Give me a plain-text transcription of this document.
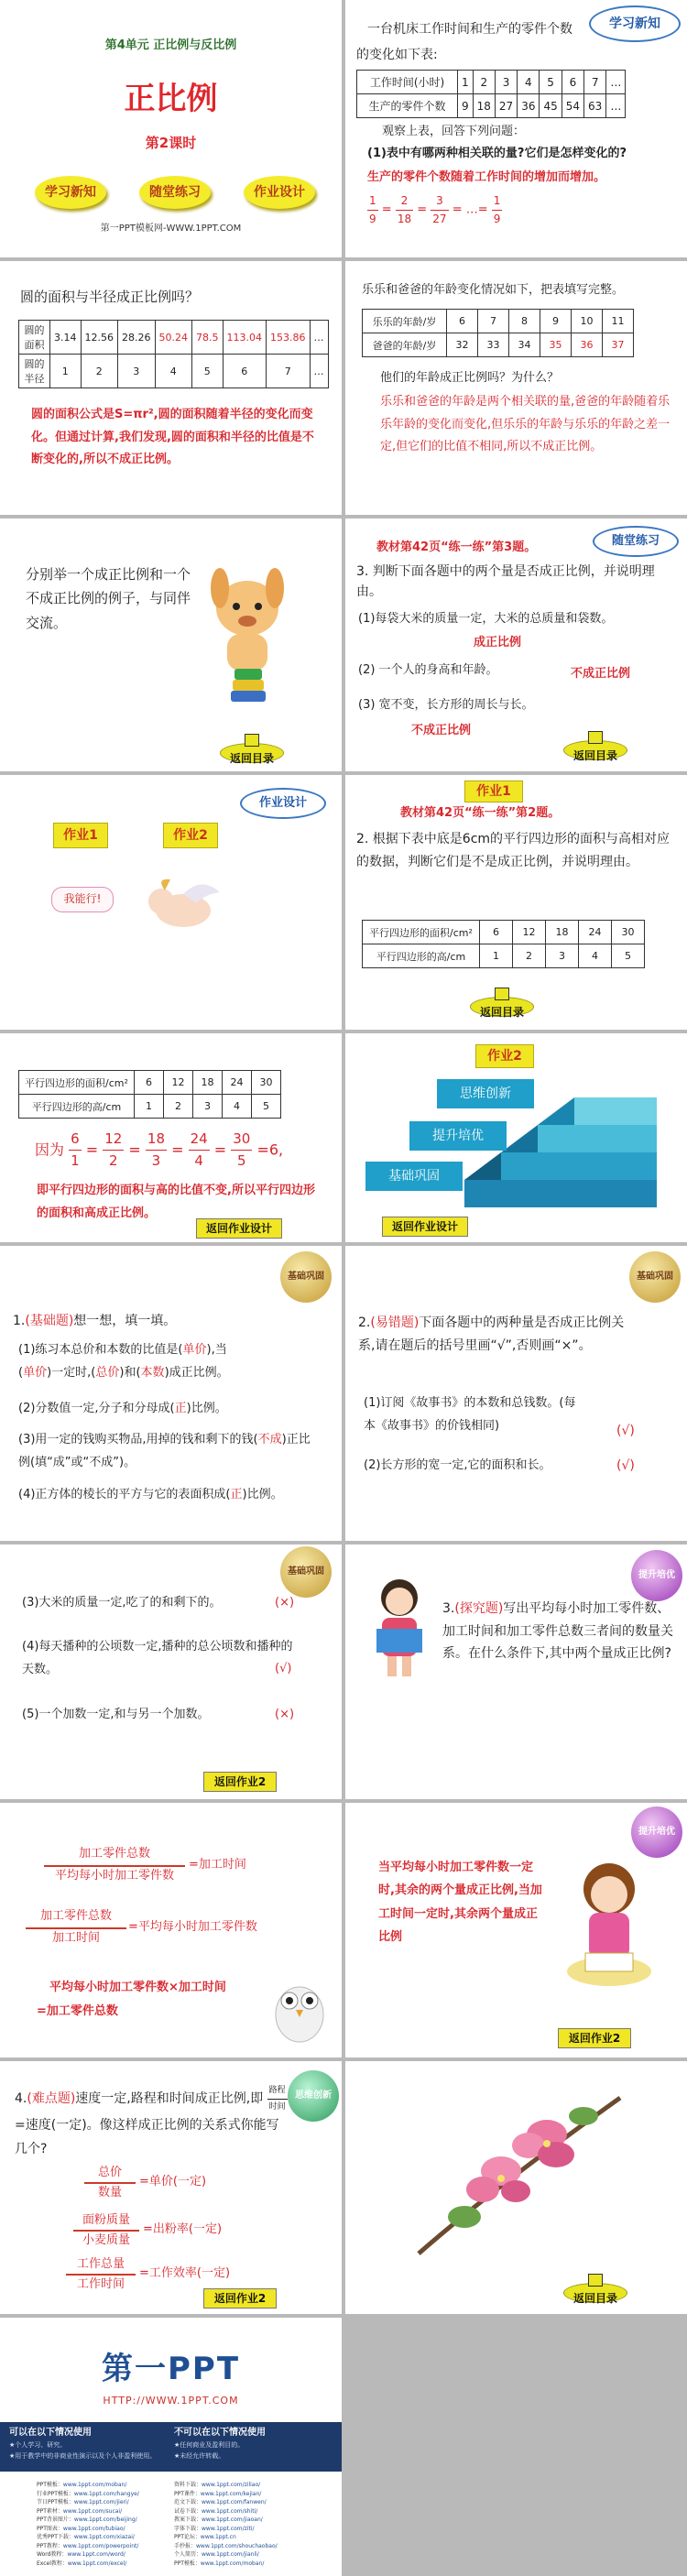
第4单元 正比例与反比例
正比例
第2课时
学习新知	随堂练习	作业设计
第一PPT模板网-WWW.1PPT.COM
学习新知
一台机床工作时间和生产的零件个数
的变化如下表:
工作时间(小时)	1	2	3	4	5	6	7	…
生产的零件个数	9	18	27	36	45	54	63	…
观察上表，回答下列问题：
(1)表中有哪两种相关联的量?它们是怎样变化的?
生产的零件个数随着工作时间的增加而增加。
$\frac{1}{9} = \frac{2}{18} = \frac{3}{27}$ = …= $\frac{1}{9}$
圆的面积与半径成正比例吗？
圆的面积	3.14	12.56	28.26	50.24	78.5	113.04	153.86	…
圆的半径	1	2	3	4	5	6	7	…
圆的面积公式是S=πr²,圆的面积随着半径的变化而变化。但通过计算,我们发现,圆的面积和半径的比值是不断变化的,所以不成正比例。
乐乐和爸爸的年龄变化情况如下，把表填写完整。
乐乐的年龄/岁	6	7	8	9	10	11
爸爸的年龄/岁	32	33	34	35	36	37
他们的年龄成正比例吗？为什么？
乐乐和爸爸的年龄是两个相关联的量,爸爸的年龄随着乐乐年龄的变化而变化,但乐乐的年龄与乐乐的年龄之差一定,但它们的比值不相同,所以不成正比例。
分别举一个成正比例和一个不成正比例的例子，与同伴交流。
返回目录
随堂练习
教材第42页“练一练”第3题。
3. 判断下面各题中的两个量是否成正比例，并说明理由。
(1)每袋大米的质量一定，大米的总质量和袋数。
成正比例
(2) 一个人的身高和年龄。	不成正比例
(3) 宽不变，长方形的周长与长。
不成正比例
返回目录
作业设计
作业1	作业2
我能行!
作业1
教材第42页“练一练”第2题。
2. 根据下表中底是6cm的平行四边形的面积与高相对应的数据，判断它们是不是成正比例，并说明理由。
平行四边形的面积/cm²	6	12	18	24	30
平行四边形的高/cm	1	2	3	4	5
返回目录
平行四边形的面积/cm²	6	12	18	24	30
平行四边形的高/cm	1	2	3	4	5
因为 $\frac{6}{1} = \frac{12}{2} = \frac{18}{3} = \frac{24}{4} = \frac{30}{5} =6$,
即平行四边形的面积与高的比值不变,所以平行四边形的面积和高成正比例。
返回作业设计
作业2
思维创新
提升培优
基础巩固
返回作业设计
基础巩固
1.(基础题)想一想，填一填。
(1)练习本总价和本数的比值是(单价),当
(单价)一定时,(总价)和(本数)成正比例。
(2)分数值一定,分子和分母成(正)比例。
(3)用一定的钱购买物品,用掉的钱和剩下的钱(不成)正比例(填“成”或“不成”)。
(4)正方体的棱长的平方与它的表面积成(正)比例。
基础巩固
2.(易错题)下面各题中的两种量是否成正比例关系,请在题后的括号里画“√”,否则画“×”。
(1)订阅《故事书》的本数和总钱数。(每本《故事书》的价钱相同)	(√)
(2)长方形的宽一定,它的面积和长。	(√)
基础巩固
(3)大米的质量一定,吃了的和剩下的。	(×)
(4)每天播种的公顷数一定,播种的总公顷数和播种的天数。	(√)
(5)一个加数一定,和与另一个加数。	(×)
返回作业2
提升培优
3.(探究题)写出平均每小时加工零件数、加工时间和加工零件总数三者间的数量关系。在什么条件下,其中两个量成正比例?
加工零件总数
平均每小时加工零件数
=加工时间
加工零件总数
加工时间
=平均每小时加工零件数
平均每小时加工零件数×加工时间
=加工零件总数
提升培优
当平均每小时加工零件数一定时,其余的两个量成正比例,当加工时间一定时,其余两个量成正比例
返回作业2
思维创新
4.(难点题)速度一定,路程和时间成正比例,即 $\frac{\text{路程}}{\text{时间}}$
=速度(一定)。像这样成正比例的关系式你能写几个?
总价
数量
=单价(一定)
面粉质量
小麦质量
=出粉率(一定)
工作总量
工作时间
=工作效率(一定)
返回作业2	返回目录
第一PPT
HTTP://WWW.1PPT.COM
可以在以下情况使用
★个人学习、研究。
★用于教学中的非商业性演示以及个人非盈利使用。
不可以在以下情况使用
★任何商业及盈利目的。
★未经允许转载。
PPT模板：www.1ppt.com/moban/
行业PPT模板：www.1ppt.com/hangye/
节日PPT模板：www.1ppt.com/jieri/
PPT素材：www.1ppt.com/sucai/
PPT背景图片：www.1ppt.com/beijing/
PPT图表：www.1ppt.com/tubiao/
优秀PPT下载：www.1ppt.com/xiazai/
PPT教程：www.1ppt.com/powerpoint/
Word教程：www.1ppt.com/word/
Excel教程：www.1ppt.com/excel/
资料下载：www.1ppt.com/ziliao/
PPT课件：www.1ppt.com/kejian/
范文下载：www.1ppt.com/fanwen/
试卷下载：www.1ppt.com/shiti/
教案下载：www.1ppt.com/jiaoan/
字体下载：www.1ppt.com/ziti/
PPT论坛：www.1ppt.cn
手抄报：www.1ppt.com/shouchaobao/
个人简历：www.1ppt.com/jianli/
PPT模板：www.1ppt.com/moban/
